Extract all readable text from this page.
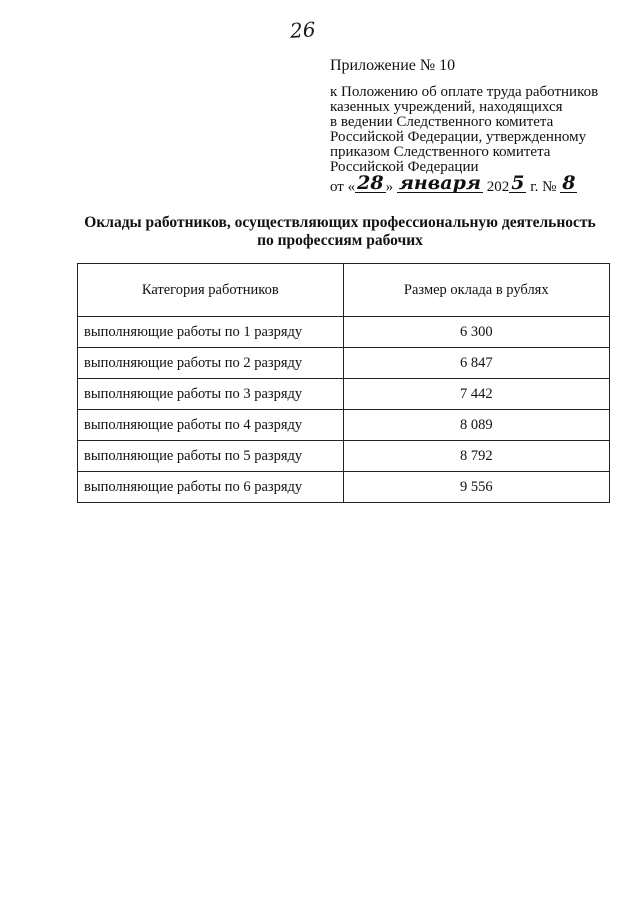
26
Приложение № 10
к Положению об оплате труда работников
казенных учреждений, находящихся
в ведении Следственного комитета
Российской Федерации, утвержденному
приказом Следственного комитета
Российской Федерации
от « 28 » января 202 5 г. № 8
Оклады работников, осуществляющих профессиональную деятельность
по профессиям рабочих
Категория работников	Размер оклада в рублях
выполняющие работы по 1 разряду	6 300
выполняющие работы по 2 разряду	6 847
выполняющие работы по 3 разряду	7 442
выполняющие работы по 4 разряду	8 089
выполняющие работы по 5 разряду	8 792
выполняющие работы по 6 разряду	9 556
